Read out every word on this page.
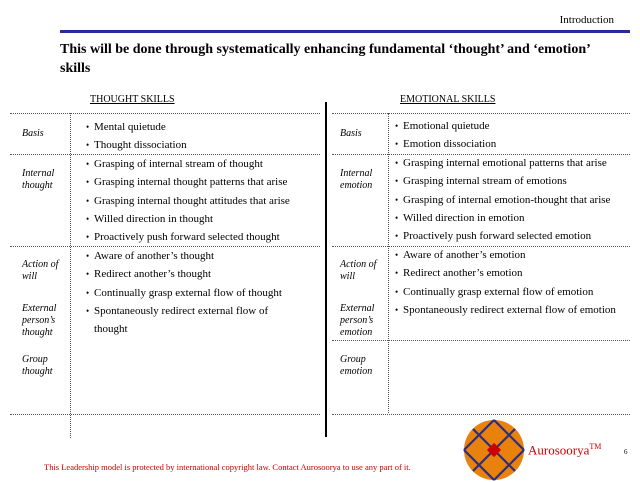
Introduction
This will be done through systematically enhancing fundamental ‘thought’ and ‘emotion’ skills
THOUGHT SKILLS	EMOTIONAL SKILLS
Basis
Internal thought
Action of will
External person’s thought
Group thought
Basis
Internal emotion
Action of will
External person’s emotion
Group emotion
• Mental quietude
• Thought dissociation
• Grasping of internal stream of thought
• Grasping internal thought patterns that arise
• Grasping internal thought attitudes that arise
• Willed direction in thought
• Proactively push forward selected thought
• Aware of another’s thought
• Redirect another’s thought
• Continually grasp external flow of thought
• Spontaneously redirect external flow of thought
• Emotional quietude
• Emotion dissociation
• Grasping internal emotional patterns that arise
• Grasping internal stream of emotions
• Grasping of internal emotion-thought that arise
• Willed direction in emotion
• Proactively push forward selected emotion
• Aware of another’s emotion
• Redirect another’s emotion
• Continually grasp external flow of emotion
• Spontaneously redirect external flow of emotion
Aurosoorya™
6
This Leadership model is protected by international copyright law. Contact Aurosoorya to use any part of it.
